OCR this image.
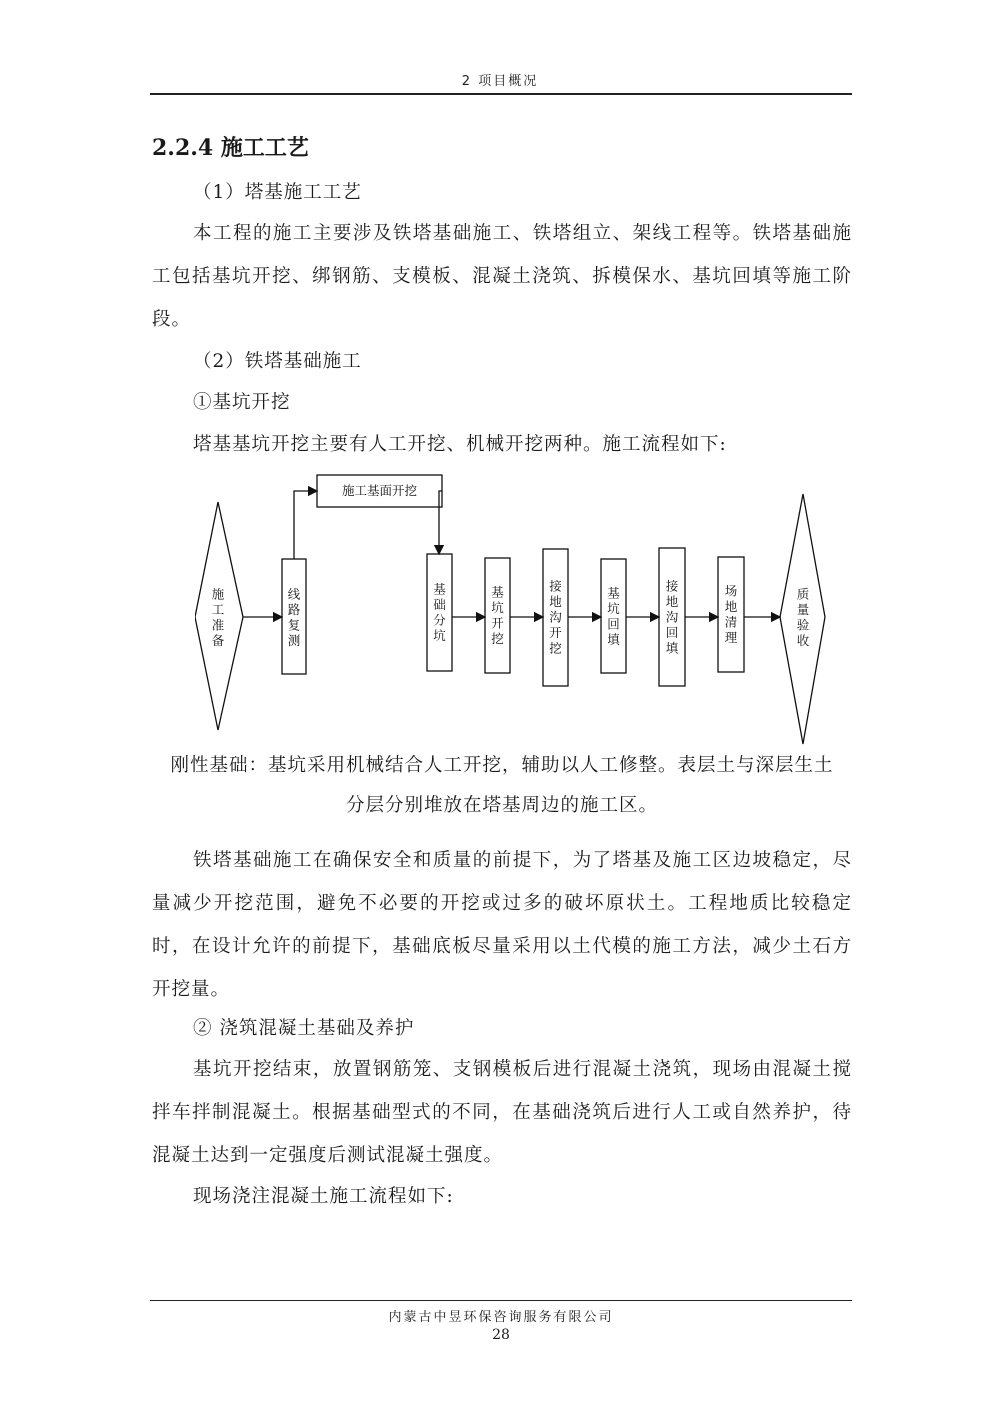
2 项目概况
2.2.4 施工工艺

（1）塔基施工工艺

本工程的施工主要涉及铁塔基础施工、铁塔组立、架线工程等。铁塔基础施工包括基坑开挖、绑钢筋、支模板、混凝土浇筑、拆模保水、基坑回填等施工阶段。

（2）铁塔基础施工

①基坑开挖

塔基基坑开挖主要有人工开挖、机械开挖两种。施工流程如下:

施工准备
线路复测
质量验收
基础分坑
基坑开挖
接地沟开挖
基坑回填
接地沟回填
场地清理
施工基面开挖

刚性基础：基坑采用机械结合人工开挖，辅助以人工修整。表层土与深层生土

分层分别堆放在塔基周边的施工区。

铁塔基础施工在确保安全和质量的前提下，为了塔基及施工区边坡稳定，尽量减少开挖范围，避免不必要的开挖或过多的破坏原状土。工程地质比较稳定时，在设计允许的前提下，基础底板尽量采用以土代模的施工方法，减少土石方开挖量。

② 浇筑混凝土基础及养护

基坑开挖结束，放置钢筋笼、支钢模板后进行混凝土浇筑，现场由混凝土搅拌车拌制混凝土。根据基础型式的不同，在基础浇筑后进行人工或自然养护，待混凝土达到一定强度后测试混凝土强度。

现场浇注混凝土施工流程如下:

内蒙古中昱环保咨询服务有限公司
28
